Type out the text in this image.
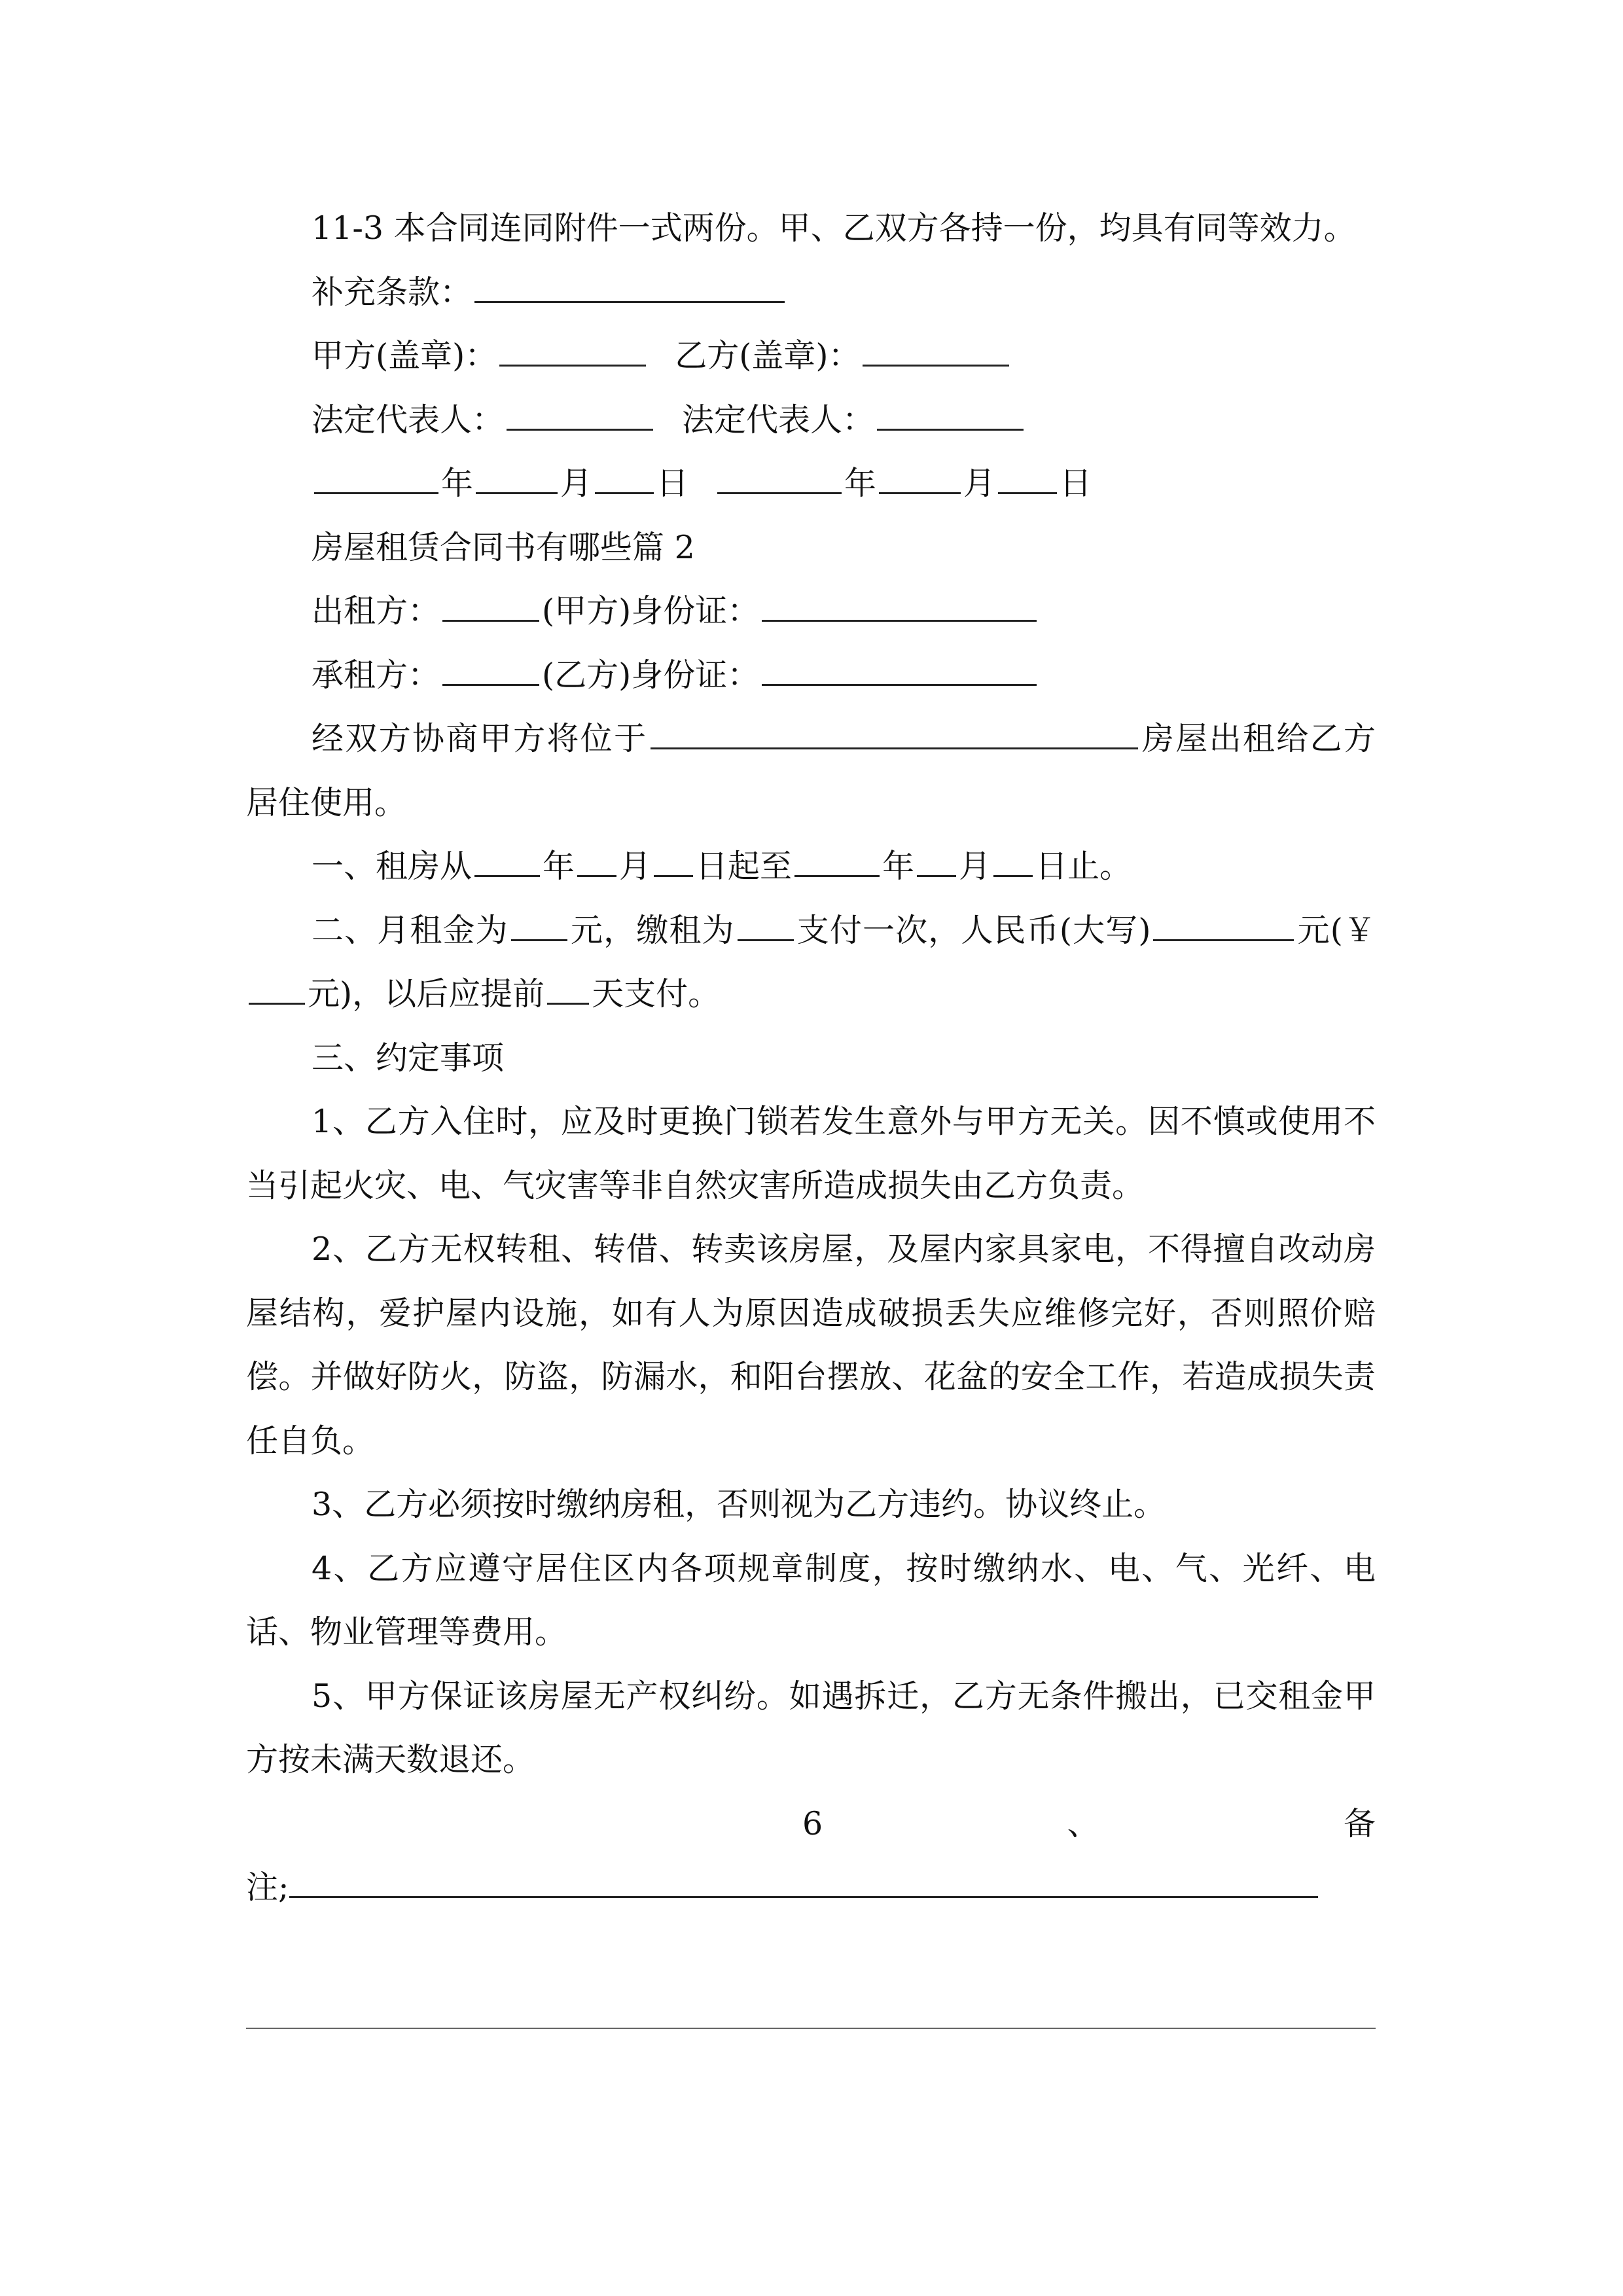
11-3 本合同连同附件一式两份。甲、乙双方各持一份，均具有同等效力。
补充条款：
甲方(盖章)：	乙方(盖章)：
法定代表人：	法定代表人：
年	月 日	年	月 日
房屋租赁合同书有哪些篇 2
出租方：	(甲方)身份证：
承租方：	(乙方)身份证：
经双方协商甲方将位于	房屋出租给乙方居住使用。
一、租房从 年 月 日起至	年 月 日止。
二、月租金为 元，缴租为 支付一次，人民币(大写)	元(￥元)，以后应提前 天支付。
三、约定事项
1、乙方入住时，应及时更换门锁若发生意外与甲方无关。因不慎或使用不当引起火灾、电、气灾害等非自然灾害所造成损失由乙方负责。
2、乙方无权转租、转借、转卖该房屋，及屋内家具家电，不得擅自改动房屋结构，爱护屋内设施，如有人为原因造成破损丢失应维修完好，否则照价赔偿。并做好防火，防盗，防漏水，和阳台摆放、花盆的安全工作，若造成损失责任自负。
3、乙方必须按时缴纳房租，否则视为乙方违约。协议终止。
4、乙方应遵守居住区内各项规章制度，按时缴纳水、电、气、光纤、电话、物业管理等费用。
5、甲方保证该房屋无产权纠纷。如遇拆迁，乙方无条件搬出，已交租金甲方按未满天数退还。
6	、	备
注;
